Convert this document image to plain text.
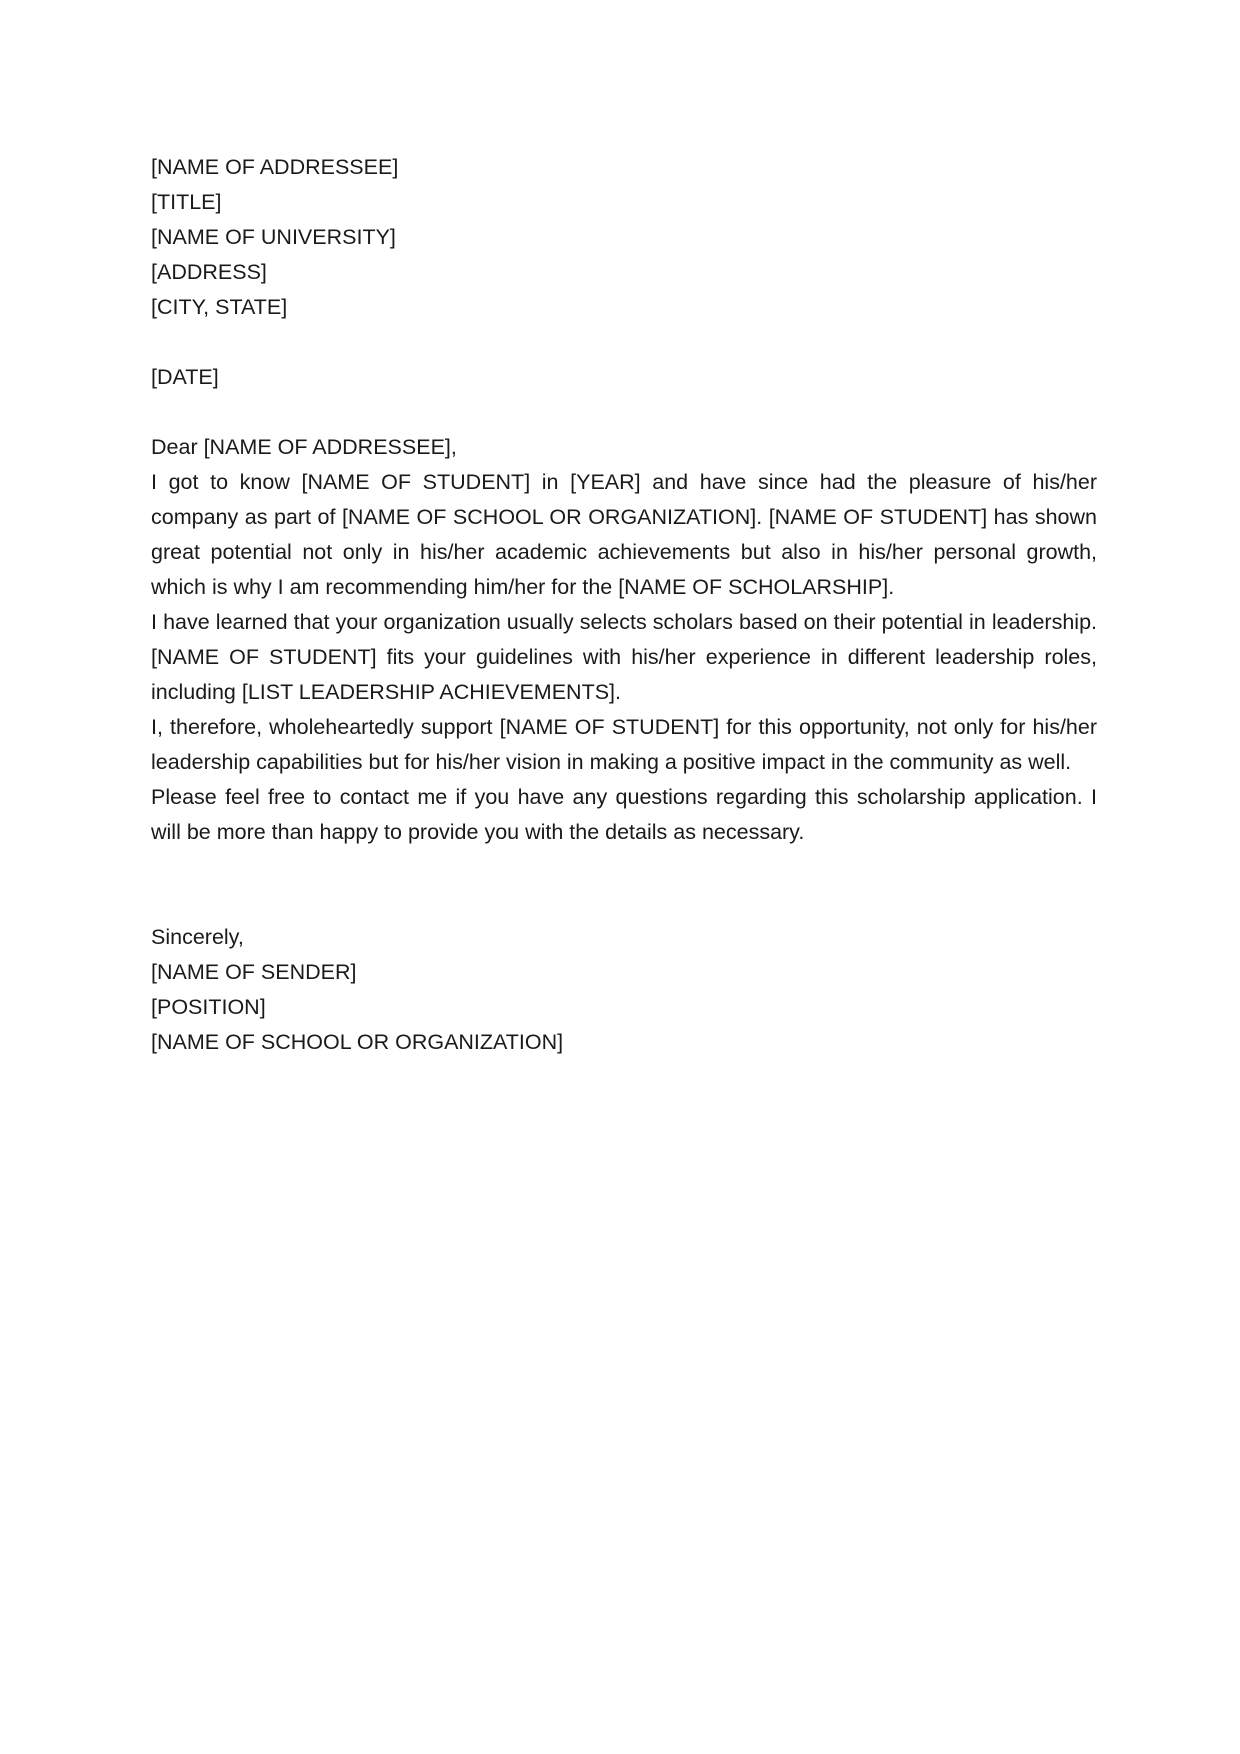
[NAME OF ADDRESSEE]
[TITLE]
[NAME OF UNIVERSITY]
[ADDRESS]
[CITY, STATE]
[DATE]
Dear [NAME OF ADDRESSEE],

I got to know [NAME OF STUDENT] in [YEAR] and have since had the pleasure of his/her company as part of [NAME OF SCHOOL OR ORGANIZATION]. [NAME OF STUDENT] has shown great potential not only in his/her academic achievements but also in his/her personal growth, which is why I am recommending him/her for the [NAME OF SCHOLARSHIP].

I have learned that your organization usually selects scholars based on their potential in leadership. [NAME OF STUDENT] fits your guidelines with his/her experience in different leadership roles, including [LIST LEADERSHIP ACHIEVEMENTS].

I, therefore, wholeheartedly support [NAME OF STUDENT] for this opportunity, not only for his/her leadership capabilities but for his/her vision in making a positive impact in the community as well.

Please feel free to contact me if you have any questions regarding this scholarship application. I will be more than happy to provide you with the details as necessary.

Sincerely,
[NAME OF SENDER]
[POSITION]
[NAME OF SCHOOL OR ORGANIZATION]
